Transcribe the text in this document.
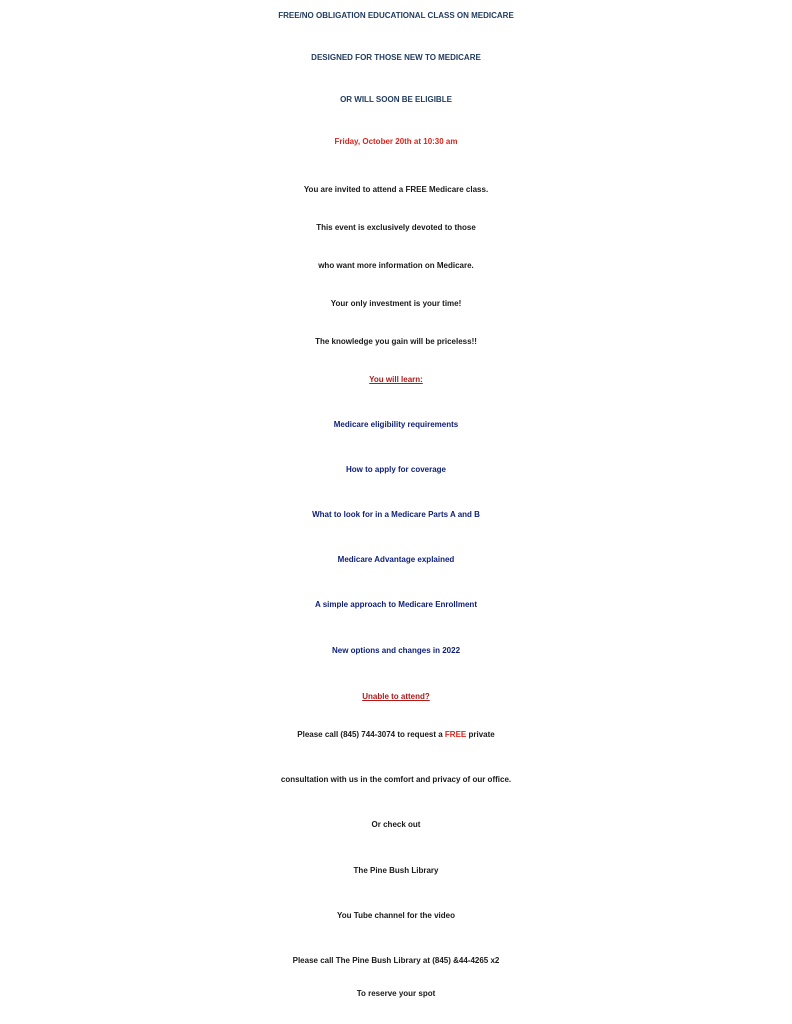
FREE/NO OBLIGATION EDUCATIONAL CLASS ON MEDICARE
DESIGNED FOR THOSE NEW TO MEDICARE
OR WILL SOON BE ELIGIBLE
Friday, October 20th at 10:30 am
You are invited to attend a FREE Medicare class.
This event is exclusively devoted to those
who want more information on Medicare.
Your only investment is your time!
The knowledge you gain will be priceless!!
You will learn:
Medicare eligibility requirements
How to apply for coverage
What to look for in a Medicare Parts A and B
Medicare Advantage explained
A simple approach to Medicare Enrollment
New options and changes in 2022
Unable to attend?
Please call (845) 744-3074 to request a FREE private
consultation with us in the comfort and privacy of our office.
Or check out
The Pine Bush Library
You Tube channel for the video
Please call The Pine Bush Library at (845) &44-4265 x2
To reserve your spot
